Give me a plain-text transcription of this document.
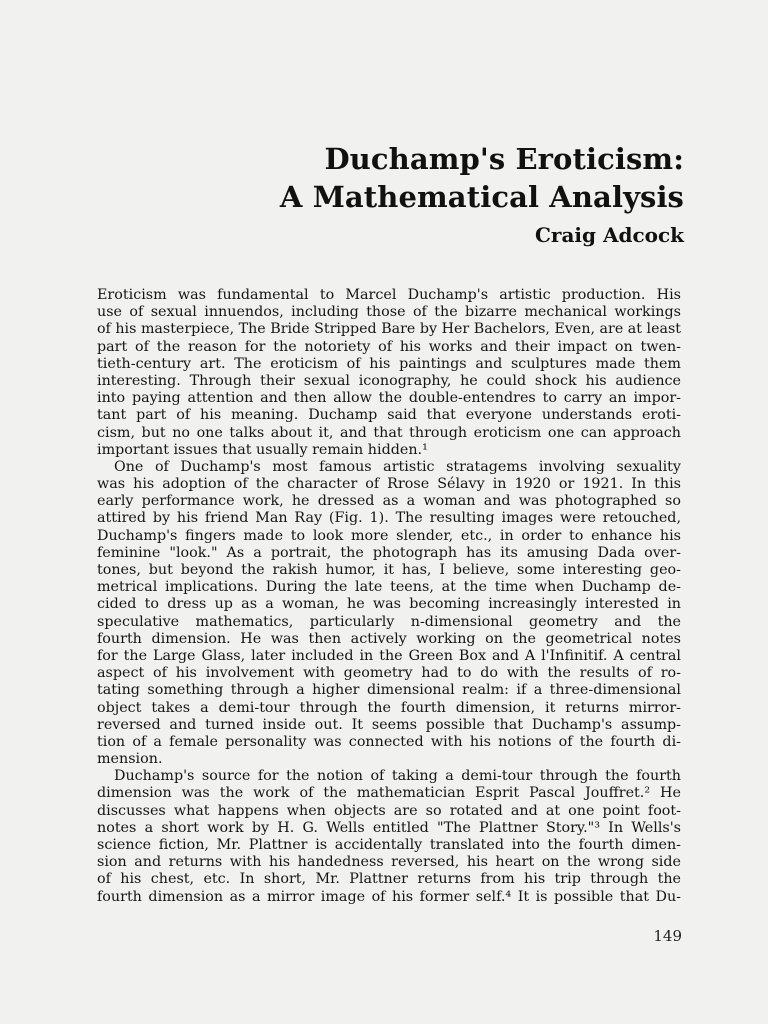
Duchamp's Eroticism:
A Mathematical Analysis
Craig Adcock
Eroticism was fundamental to Marcel Duchamp's artistic production. His
use of sexual innuendos, including those of the bizarre mechanical workings
of his masterpiece, The Bride Stripped Bare by Her Bachelors, Even, are at least
part of the reason for the notoriety of his works and their impact on twen-
tieth-century art. The eroticism of his paintings and sculptures made them
interesting. Through their sexual iconography, he could shock his audience
into paying attention and then allow the double-entendres to carry an impor-
tant part of his meaning. Duchamp said that everyone understands eroti-
cism, but no one talks about it, and that through eroticism one can approach
important issues that usually remain hidden.¹
One of Duchamp's most famous artistic stratagems involving sexuality
was his adoption of the character of Rrose Sélavy in 1920 or 1921. In this
early performance work, he dressed as a woman and was photographed so
attired by his friend Man Ray (Fig. 1). The resulting images were retouched,
Duchamp's fingers made to look more slender, etc., in order to enhance his
feminine "look." As a portrait, the photograph has its amusing Dada over-
tones, but beyond the rakish humor, it has, I believe, some interesting geo-
metrical implications. During the late teens, at the time when Duchamp de-
cided to dress up as a woman, he was becoming increasingly interested in
speculative mathematics, particularly n-dimensional geometry and the
fourth dimension. He was then actively working on the geometrical notes
for the Large Glass, later included in the Green Box and A l'Infinitif. A central
aspect of his involvement with geometry had to do with the results of ro-
tating something through a higher dimensional realm: if a three-dimensional
object takes a demi-tour through the fourth dimension, it returns mirror-
reversed and turned inside out. It seems possible that Duchamp's assump-
tion of a female personality was connected with his notions of the fourth di-
mension.
Duchamp's source for the notion of taking a demi-tour through the fourth
dimension was the work of the mathematician Esprit Pascal Jouffret.² He
discusses what happens when objects are so rotated and at one point foot-
notes a short work by H. G. Wells entitled "The Plattner Story."³ In Wells's
science fiction, Mr. Plattner is accidentally translated into the fourth dimen-
sion and returns with his handedness reversed, his heart on the wrong side
of his chest, etc. In short, Mr. Plattner returns from his trip through the
fourth dimension as a mirror image of his former self.⁴ It is possible that Du-
149
